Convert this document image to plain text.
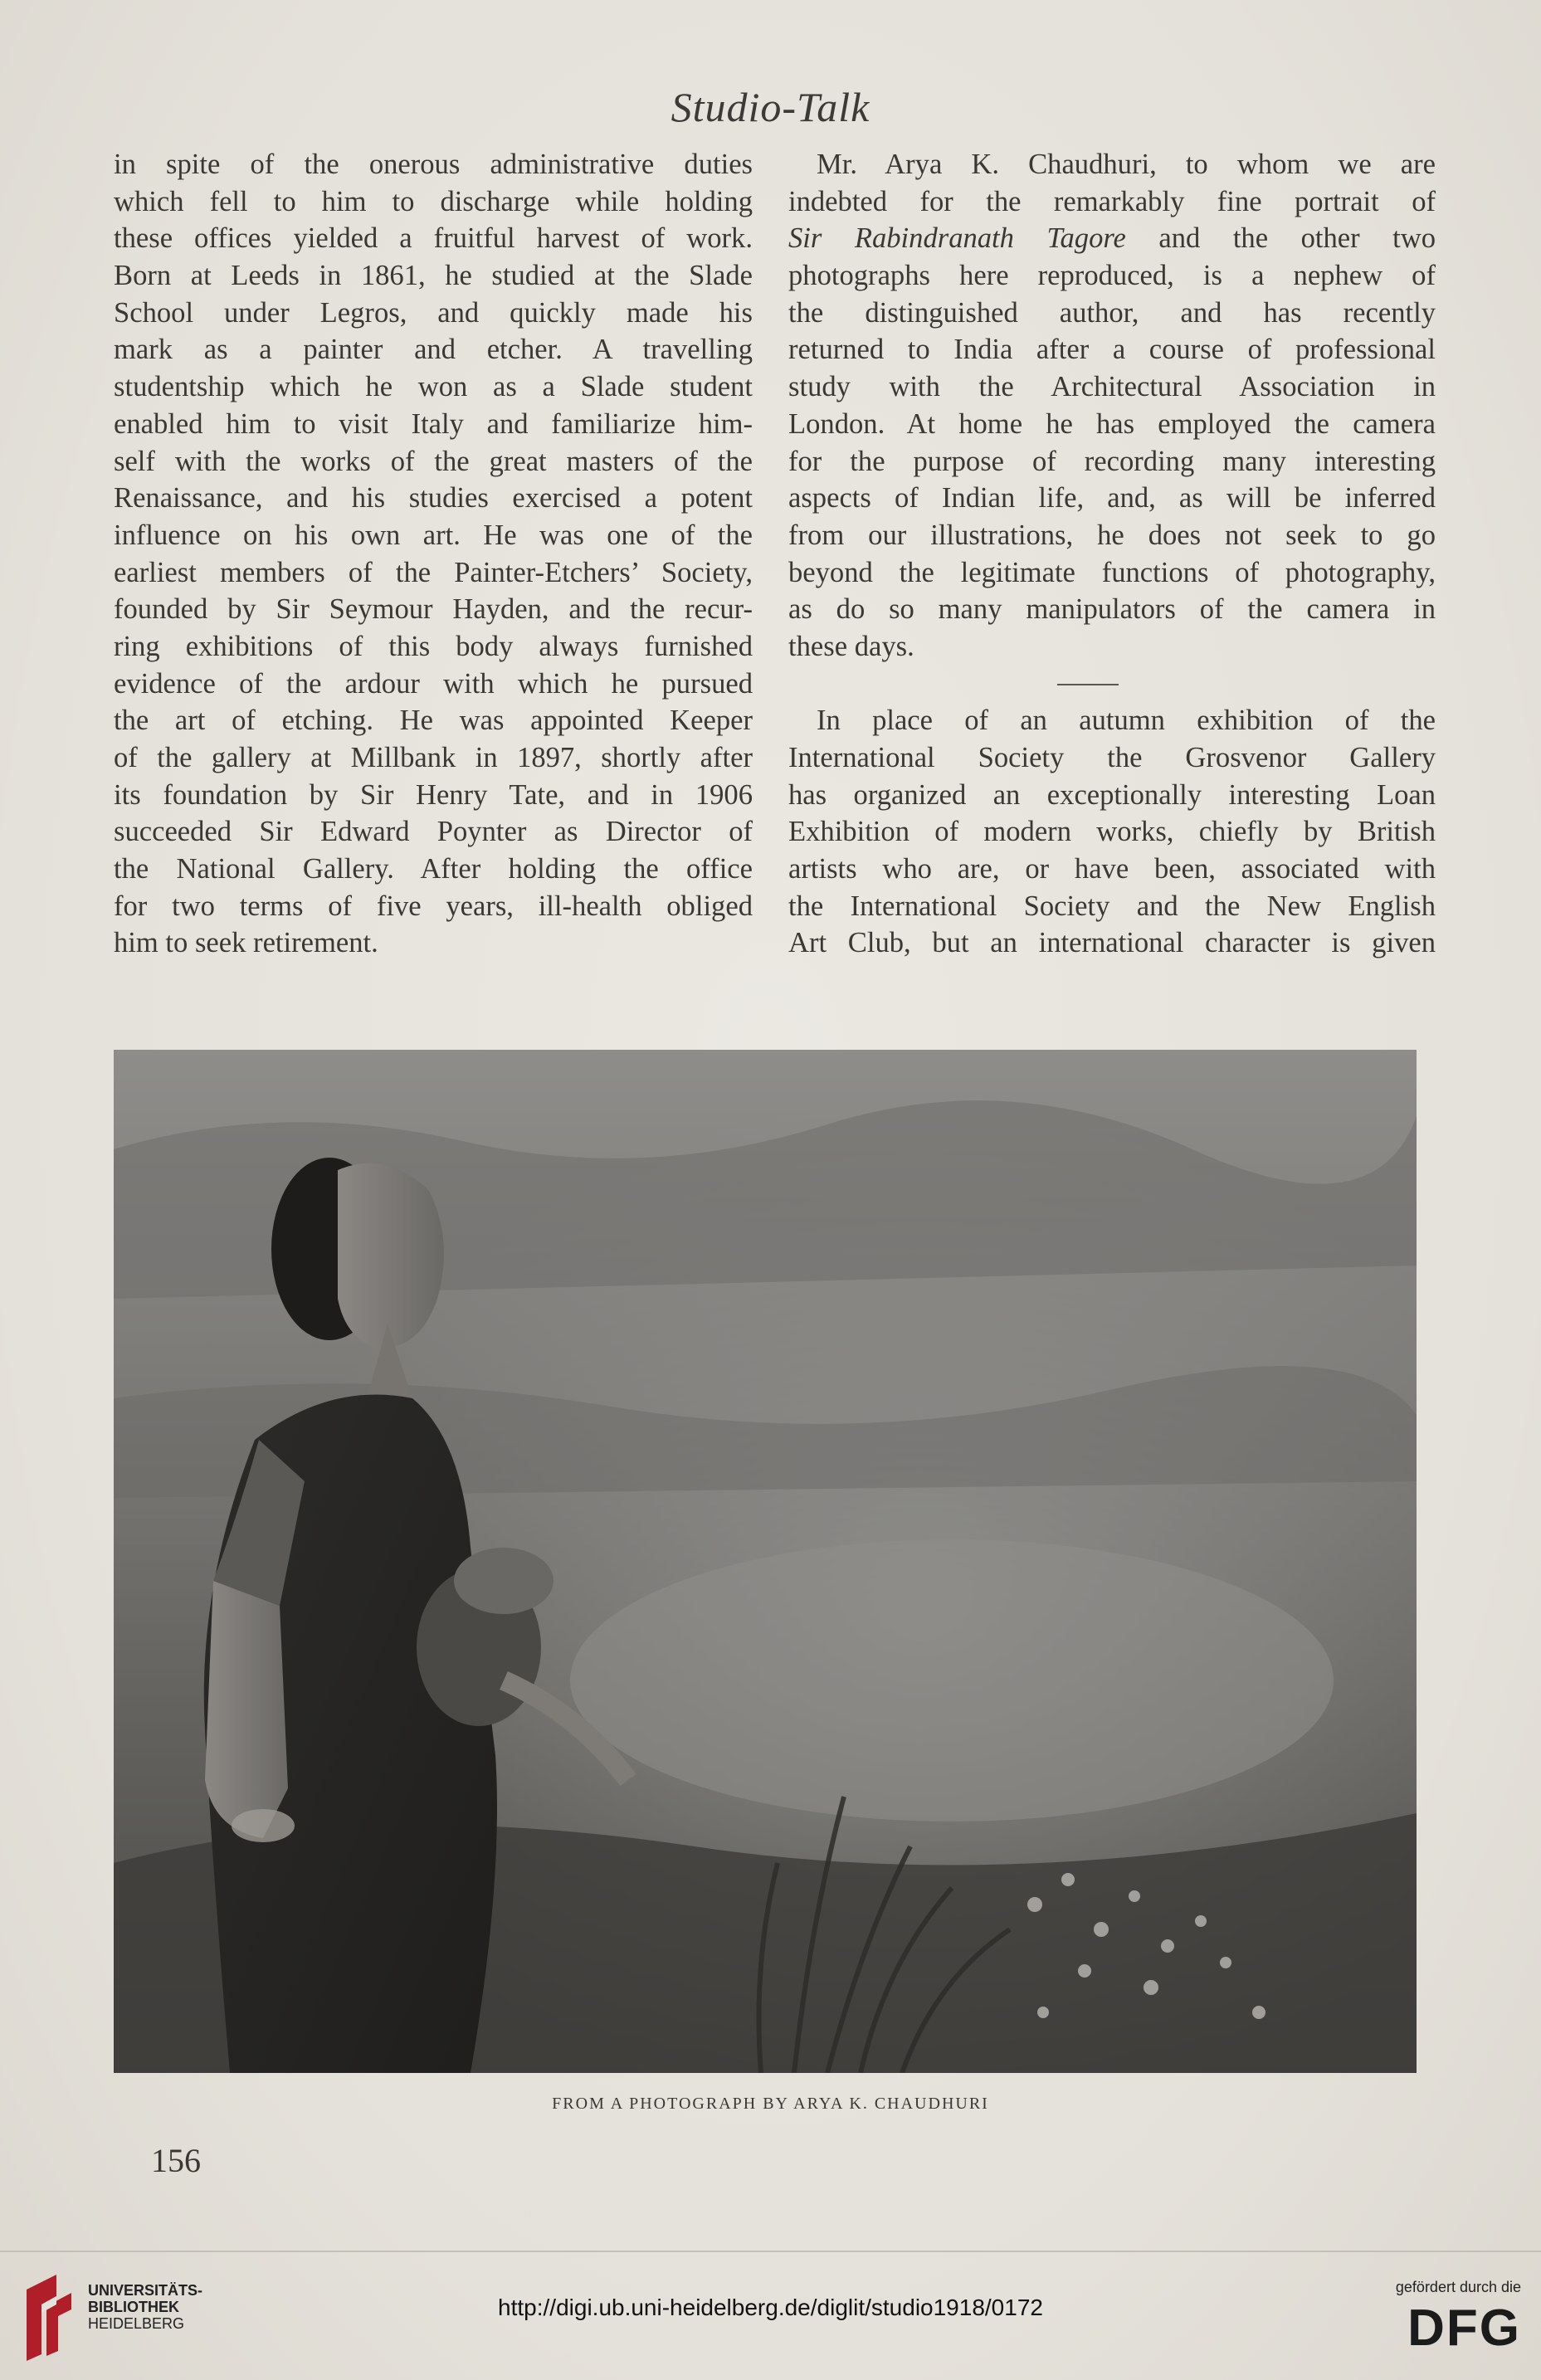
Studio-Talk
in spite of the onerous administrative duties
which fell to him to discharge while holding
these offices yielded a fruitful harvest of work.
Born at Leeds in 1861, he studied at the Slade
School under Legros, and quickly made his
mark as a painter and etcher. A travelling
studentship which he won as a Slade student
enabled him to visit Italy and familiarize him-
self with the works of the great masters of the
Renaissance, and his studies exercised a potent
influence on his own art. He was one of the
earliest members of the Painter-Etchers’ Society,
founded by Sir Seymour Hayden, and the recur-
ring exhibitions of this body always furnished
evidence of the ardour with which he pursued
the art of etching. He was appointed Keeper
of the gallery at Millbank in 1897, shortly after
its foundation by Sir Henry Tate, and in 1906
succeeded Sir Edward Poynter as Director of
the National Gallery. After holding the office
for two terms of five years, ill-health obliged
him to seek retirement.
Mr. Arya K. Chaudhuri, to whom we are
indebted for the remarkably fine portrait of
Sir Rabindranath Tagore and the other two
photographs here reproduced, is a nephew of
the distinguished author, and has recently
returned to India after a course of professional
study with the Architectural Association in
London. At home he has employed the camera
for the purpose of recording many interesting
aspects of Indian life, and, as will be inferred
from our illustrations, he does not seek to go
beyond the legitimate functions of photography,
as do so many manipulators of the camera in
these days.
In place of an autumn exhibition of the
International Society the Grosvenor Gallery
has organized an exceptionally interesting Loan
Exhibition of modern works, chiefly by British
artists who are, or have been, associated with
the International Society and the New English
Art Club, but an international character is given
FROM A PHOTOGRAPH BY ARYA K. CHAUDHURI
156
UNIVERSITÄTS-
BIBLIOTHEK
HEIDELBERG
http://digi.ub.uni-heidelberg.de/diglit/studio1918/0172
gefördert durch die
DFG
